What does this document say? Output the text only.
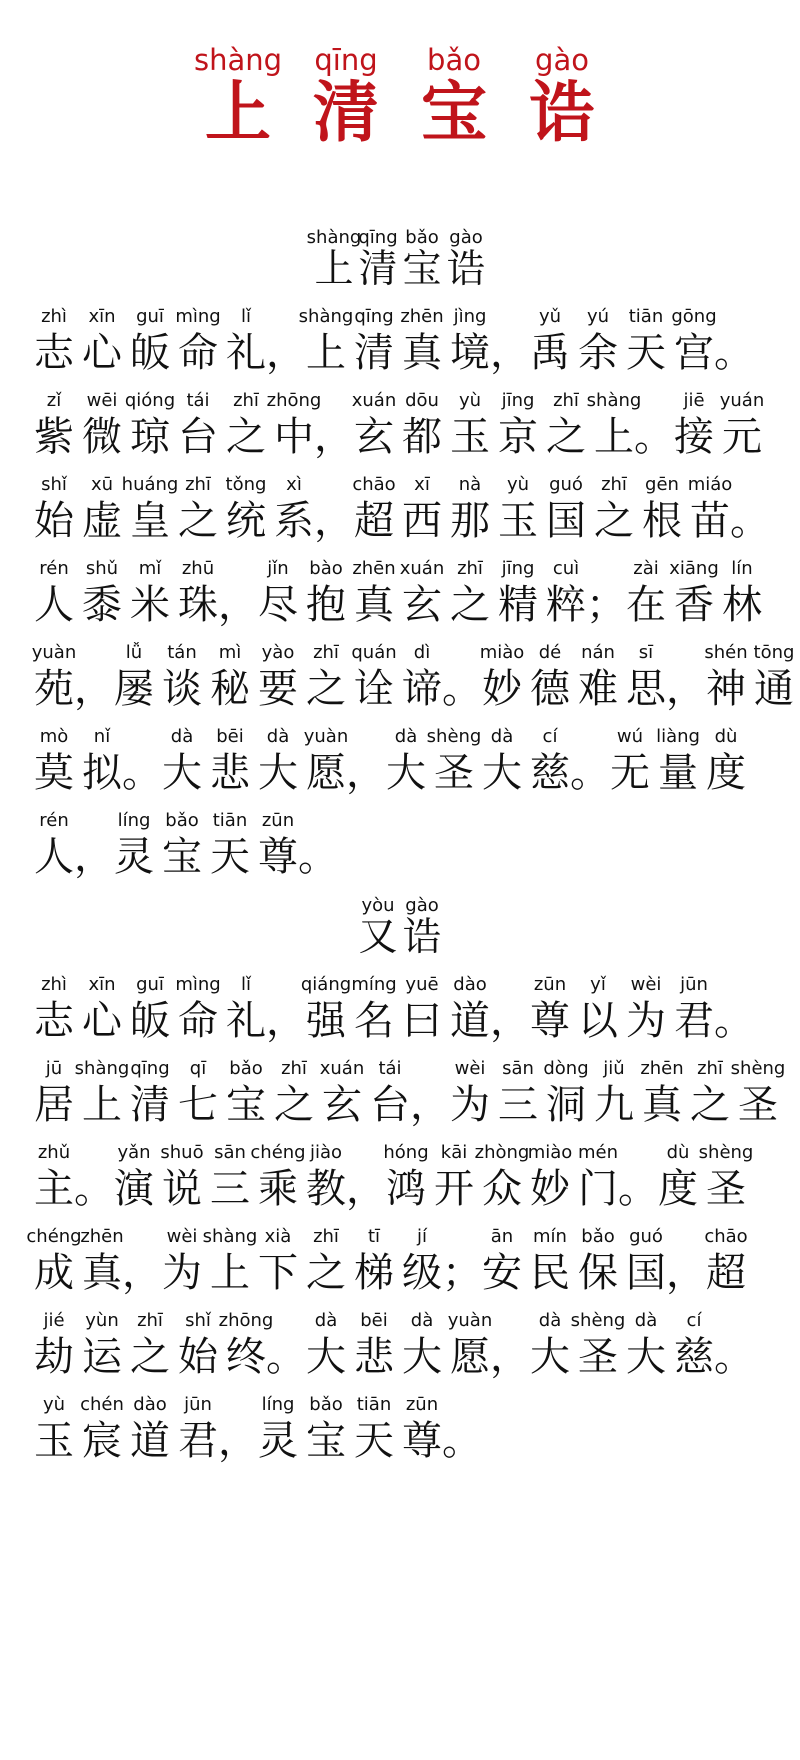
shàng
上
qīng
清
bǎo
宝
gào
诰
shàng
上
qīng
清
bǎo
宝
gào
诰
zhì
志
xīn
心
guī
皈
mìng
命
lǐ
礼 ，
shàng
上
qīng
清
zhēn
真
jìng
境 ，
yǔ
禹
yú
余
tiān
天
gōng
宫 。
zǐ
紫
wēi
微
qióng
琼
tái
台
zhī
之
zhōng
中 ，
xuán
玄
dōu
都
yù
玉
jīng
京
zhī
之
shàng
上 。
jiē
接
yuán
元
shǐ
始
xū
虚
huáng
皇
zhī
之
tǒng
统
xì
系 ，
chāo
超
xī
西
nà
那
yù
玉
guó
国
zhī
之
gēn
根
miáo
苗 。
rén
人
shǔ
黍
mǐ
米
zhū
珠 ，
jǐn
尽
bào
抱
zhēn
真
xuán
玄
zhī
之
jīng
精
cuì
粹 ；
zài
在
xiāng
香
lín
林
yuàn
苑 ，
lǚ
屡
tán
谈
mì
秘
yào
要
zhī
之
quán
诠
dì
谛 。
miào
妙
dé
德
nán
难
sī
思 ，
shén
神
tōng
通
mò
莫
nǐ
拟 。
dà
大
bēi
悲
dà
大
yuàn
愿 ，
dà
大
shèng
圣
dà
大
cí
慈 。
wú
无
liàng
量
dù
度
rén
人 ，
líng
灵
bǎo
宝
tiān
天
zūn
尊 。
yòu
又
gào
诰
zhì
志
xīn
心
guī
皈
mìng
命
lǐ
礼 ，
qiáng
强
míng
名
yuē
曰
dào
道 ，
zūn
尊
yǐ
以
wèi
为
jūn
君 。
jū
居
shàng
上
qīng
清
qī
七
bǎo
宝
zhī
之
xuán
玄
tái
台 ，
wèi
为
sān
三
dòng
洞
jiǔ
九
zhēn
真
zhī
之
shèng
圣
zhǔ
主 。
yǎn
演
shuō
说
sān
三
chéng
乘
jiào
教 ，
hóng
鸿
kāi
开
zhòng
众
miào
妙
mén
门 。
dù
度
shèng
圣
chéng
成
zhēn
真 ，
wèi
为
shàng
上
xià
下
zhī
之
tī
梯
jí
级 ；
ān
安
mín
民
bǎo
保
guó
国 ，
chāo
超
jié
劫
yùn
运
zhī
之
shǐ
始
zhōng
终 。
dà
大
bēi
悲
dà
大
yuàn
愿 ，
dà
大
shèng
圣
dà
大
cí
慈 。
yù
玉
chén
宸
dào
道
jūn
君 ，
líng
灵
bǎo
宝
tiān
天
zūn
尊 。
